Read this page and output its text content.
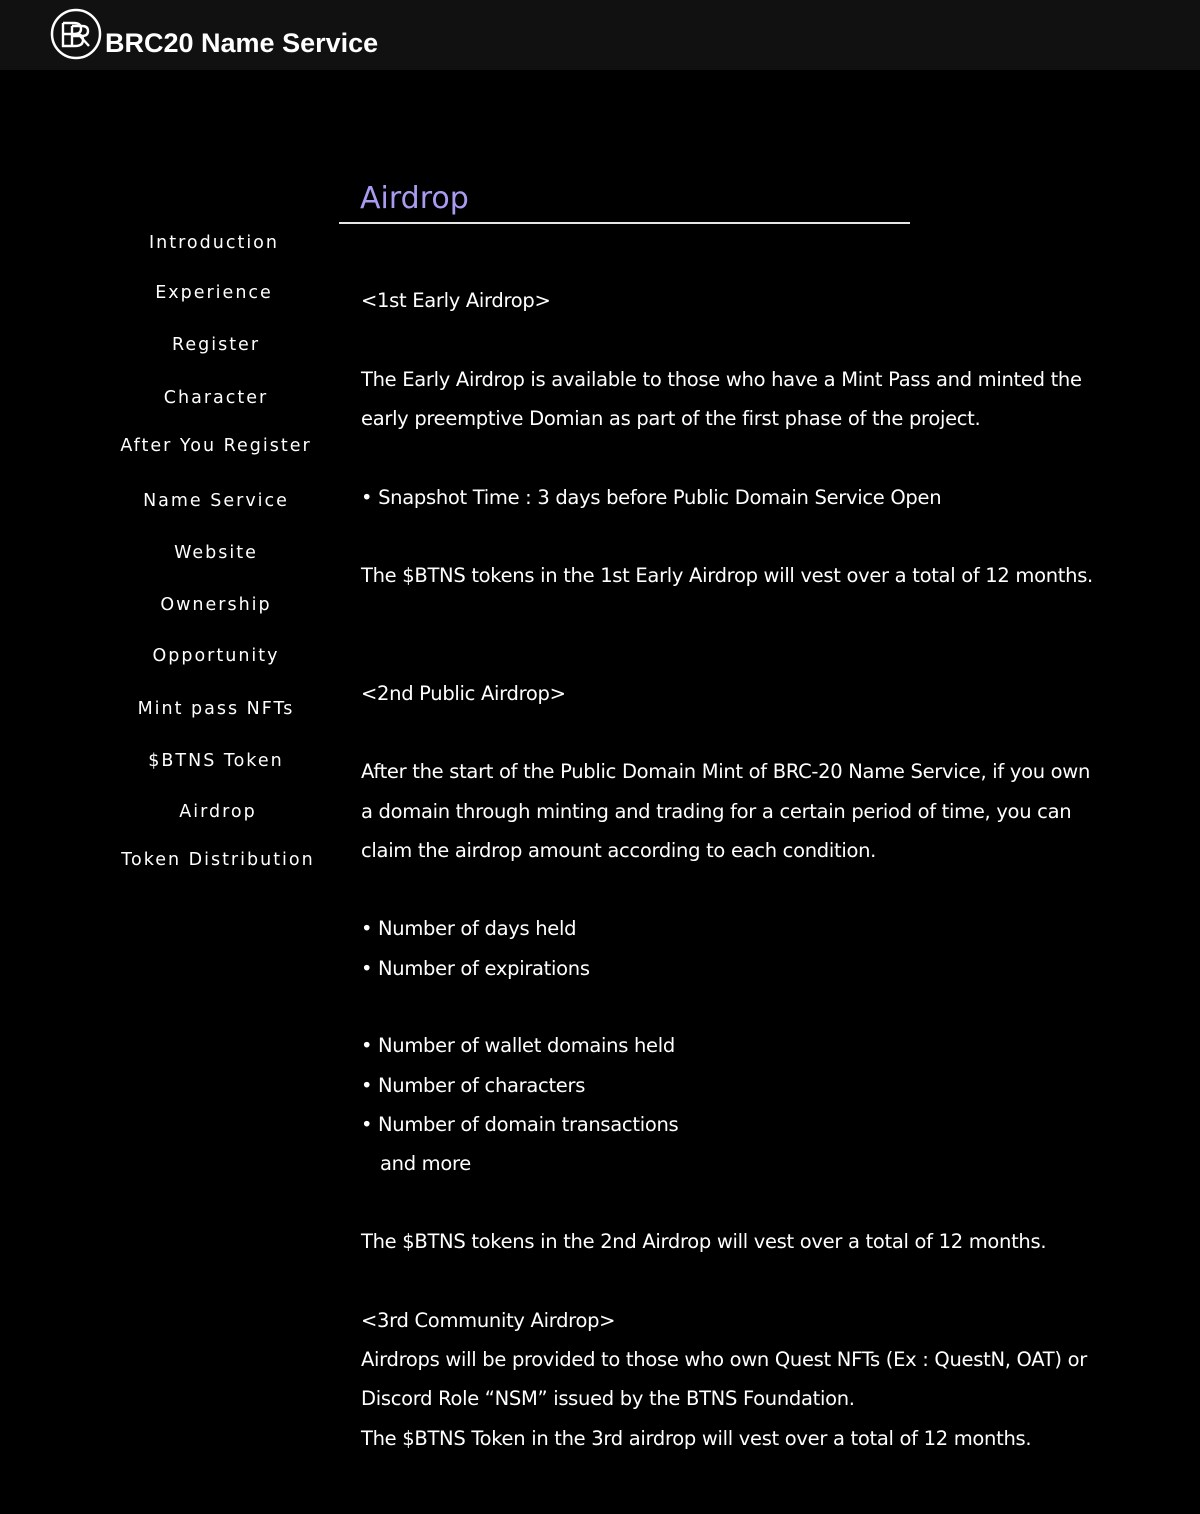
BRC20 Name Service
Introduction
Experience
Register
Character
After You Register
Name Service
Website
Ownership
Opportunity
Mint pass NFTs
$BTNS Token
Airdrop
Token Distribution
Airdrop
<1st Early Airdrop>
The Early Airdrop is available to those who have a Mint Pass and minted the
early preemptive Domian as part of the first phase of the project.
• Snapshot Time : 3 days before Public Domain Service Open
The $BTNS tokens in the 1st Early Airdrop will vest over a total of 12 months.
<2nd Public Airdrop>
After the start of the Public Domain Mint of BRC-20 Name Service, if you own
a domain through minting and trading for a certain period of time, you can
claim the airdrop amount according to each condition.
• Number of days held
• Number of expirations
• Number of wallet domains held
• Number of characters
• Number of domain transactions
and more
The $BTNS tokens in the 2nd Airdrop will vest over a total of 12 months.
<3rd Community Airdrop>
Airdrops will be provided to those who own Quest NFTs (Ex : QuestN, OAT) or
Discord Role “NSM” issued by the BTNS Foundation.
The $BTNS Token in the 3rd airdrop will vest over a total of 12 months.
